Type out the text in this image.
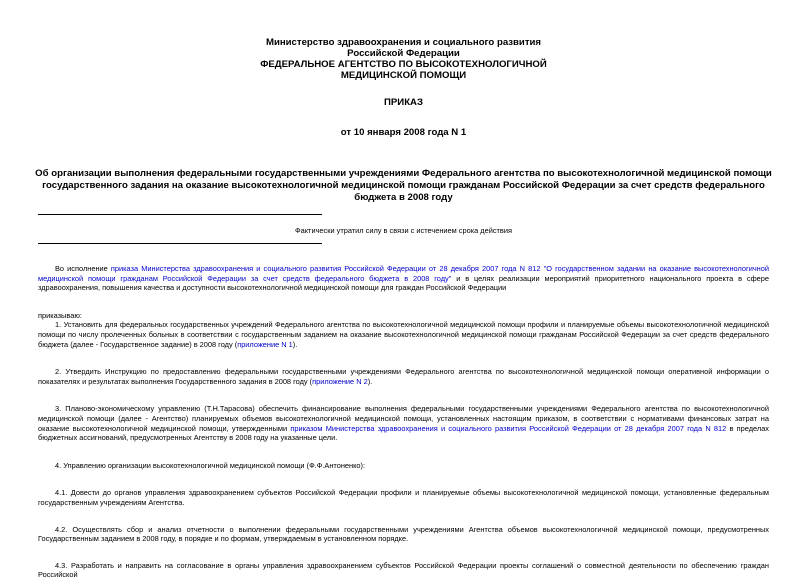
Министерство здравоохранения и социального развития
Российской Федерации
ФЕДЕРАЛЬНОЕ АГЕНТСТВО ПО ВЫСОКОТЕХНОЛОГИЧНОЙ
МЕДИЦИНСКОЙ ПОМОЩИ
ПРИКАЗ
от 10 января 2008 года N 1
Об организации выполнения федеральными государственными учреждениями Федерального агентства по высокотехнологичной медицинской помощи государственного задания на оказание высокотехнологичной медицинской помощи гражданам Российской Федерации за счет средств федерального бюджета в 2008 году
Фактически утратил силу в связи с истечением срока действия

Во исполнение приказа Министерства здравоохранения и социального развития Российской Федерации от 28 декабря 2007 года N 812 "О государственном задании на оказание высокотехнологичной медицинской помощи гражданам Российской Федерации за счет средств федерального бюджета в 2008 году" и в целях реализации мероприятий приоритетного национального проекта в сфере здравоохранения, повышения качества и доступности высокотехнологичной медицинской помощи для граждан Российской Федерации

приказываю:

1. Установить для федеральных государственных учреждений Федерального агентства по высокотехнологичной медицинской помощи профили и планируемые объемы высокотехнологичной медицинской помощи по числу пролеченных больных в соответствии с государственным заданием на оказание высокотехнологичной медицинской помощи гражданам Российской Федерации за счет средств федерального бюджета (далее - Государственное задание) в 2008 году (приложение N 1).

2. Утвердить Инструкцию по предоставлению федеральными государственными учреждениями Федерального агентства по высокотехнологичной медицинской помощи оперативной информации о показателях и результатах выполнения Государственного задания в 2008 году (приложение N 2).

3. Планово-экономическому управлению (Т.Н.Тарасова) обеспечить финансирование выполнения федеральными государственными учреждениями Федерального агентства по высокотехнологичной медицинской помощи (далее - Агентство) планируемых объемов высокотехнологичной медицинской помощи, установленных настоящим приказом, в соответствии с нормативами финансовых затрат на оказание высокотехнологичной медицинской помощи, утвержденными приказом Министерства здравоохранения и социального развития Российской Федерации от 28 декабря 2007 года N 812 в пределах бюджетных ассигнований, предусмотренных Агентству в 2008 году на указанные цели.

4. Управлению организации высокотехнологичной медицинской помощи (Ф.Ф.Антоненко):

4.1. Довести до органов управления здравоохранением субъектов Российской Федерации профили и планируемые объемы высокотехнологичной медицинской помощи, установленные федеральным государственным учреждениям Агентства.

4.2. Осуществлять сбор и анализ отчетности о выполнении федеральными государственными учреждениями Агентства объемов высокотехнологичной медицинской помощи, предусмотренных Государственным заданием в 2008 году, в порядке и по формам, утверждаемым в установленном порядке.

4.3. Разработать и направить на согласование в органы управления здравоохранением субъектов Российской Федерации проекты соглашений о совместной деятельности по обеспечению граждан Российской
